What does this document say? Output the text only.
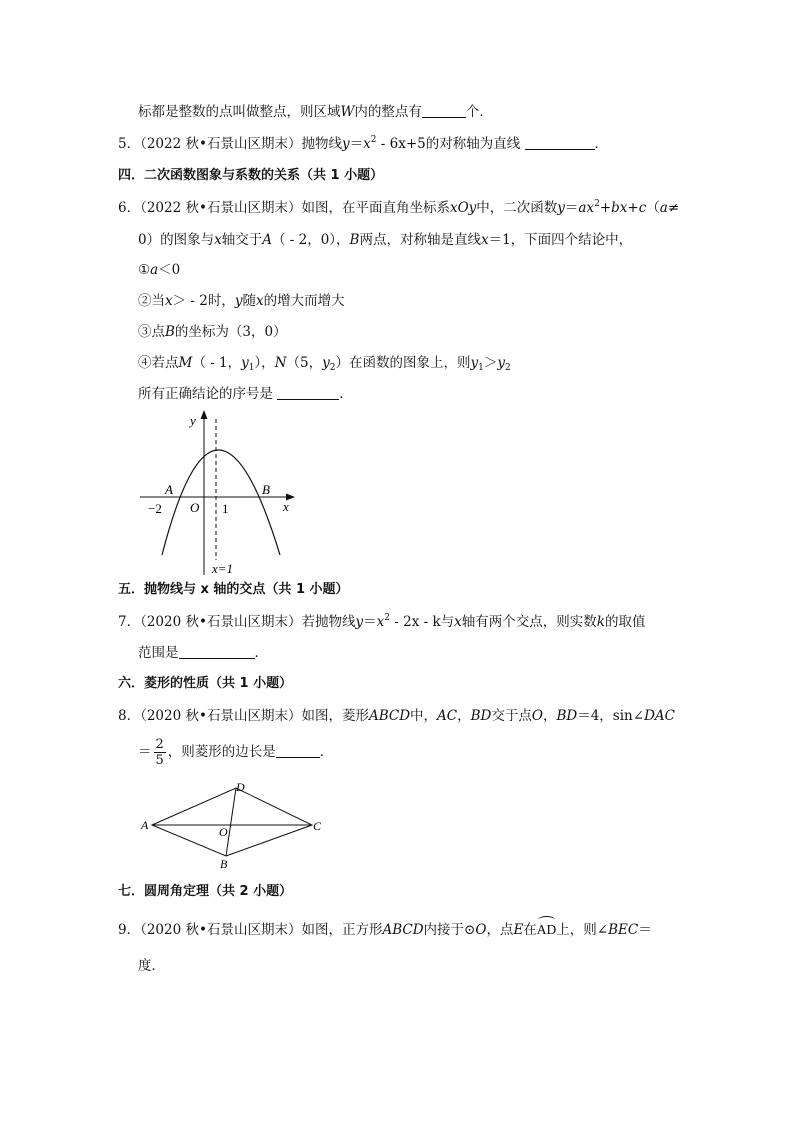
标都是整数的点叫做整点，则区域W内的整点有	个．
5．（2022 秋•石景山区期末）抛物线$y=x^2 - 6x+5$的对称轴为直线	．
四．二次函数图象与系数的关系（共 1 小题）
6．（2022 秋•石景山区期末）如图，在平面直角坐标系xOy中，二次函数$y=ax^2+bx+c(a\ne$
0）的图象与x轴交于A（ - 2，0），B两点，对称轴是直线x＝1，下面四个结论中，
①a＜0
②当x＞ - 2时，y随x的增大而增大
③点B的坐标为（3，0）
④若点M（ - 1，$y_1$），N（5，$y_2$）在函数的图象上，则$y_1>y_2$
所有正确结论的序号是	．
y
x
A	B
O
−2	1
x=1
五．抛物线与 x 轴的交点（共 1 小题）
7．（2020 秋•石景山区期末）若抛物线$y=x^2 - 2x - k$与x轴有两个交点，则实数k的取值
范围是	．
六．菱形的性质（共 1 小题）
8．（2020 秋•石景山区期末）如图，菱形ABCD中，AC，BD交于点O，BD＝4，sin∠DAC
＝ $\frac{2}{5}$ ，则菱形的边长是	．
A
D
C
B
O
七．圆周角定理（共 2 小题）
9．（2020 秋•石景山区期末）如图，正方形ABCD内接于⊙O，点E在AD上，则∠BEC＝
度．
